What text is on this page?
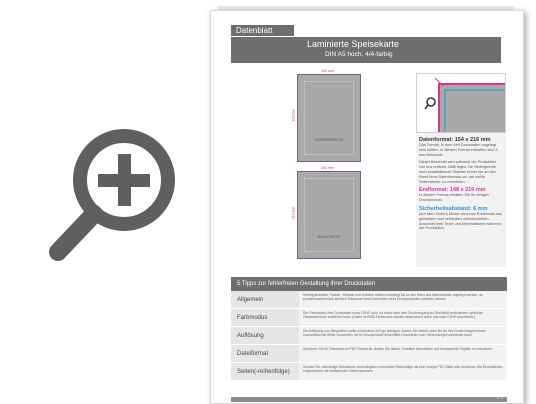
Datenblatt
Laminierte Speisekarte
DIN A5 hoch, 4/4-farbig
154 mm
VORDERSEITE
216 mm
154 mm
RÜCKSEITE
216 mm
Datenformat: 154 x 216 mm
Das Format, in dem Ihre Druckdaten angelegt sein sollten. In diesem Format enthalten sind 3 mm Beschnitt.
Dieser Beschnitt wird während der Produktion von uns entfernt. Bitte legen Sie Hintergründe und randabfallende Objekte immer bis an den Rand Ihres Datenformats an, um weiße Seitenränder zu vermeiden.
Endformat: 148 x 210 mm
In diesem Format erhalten Sie Ihr fertiges Druckprodukt.
Sicherheitsabstand: 6 mm
(auf allen Seiten) Dieser wird vom Endformat aus gemessen und verhindert unerwünschten Anschnitt Ihrer Texte und Informationen während der Produktion.
5 Tipps zur fehlerfreien Gestaltung Ihrer Druckdaten
Allgemein
Hintergrundbilder, Farben, Verläufe und Grafiken sollten unbedingt bis an den Rand des Datenformats angelegt werden, da produktionstechnisch kleinere Toleranzen beim Schneiden Ihres Druckproduktes auftreten können.
Farbmodus
Der Farbmodus Ihrer Druckdaten muss CMYK sein, da sonst nach dem Druckvorgang ein Druckbild verändertem optischen Gesamteindruck entstehen kann. (Daten im RGB-Farbmodus werden automatisch durch uns nach CMYK konvertiert.)
Auflösung
Die Auflösung von Bildgrafiken sollte mindestens 300 dpi betragen. Achten Sie darauf, dass Sie für Ihre Druckvorlagen immer hochauflösende Bilder verwenden, da Ihr Druckprodukt andernfalls Unschärfen oder Verpixelungen aufweisen kann.
Dateiformat
Speichern Sie Ihr Dokument im PDF-Format ab. Achten Sie darauf, Schriften einzubetten und transparente Objekte zu reduzieren.
Seiten(-reihenfolge)
Senden Sie mehrseitige Dokumente chronologisch in korrekter Reihenfolge als eine einzige PDF-Datei oder benennen Sie Einzeldateien entsprechend mit fortlaufenden Seitennummern.
1 / 1
